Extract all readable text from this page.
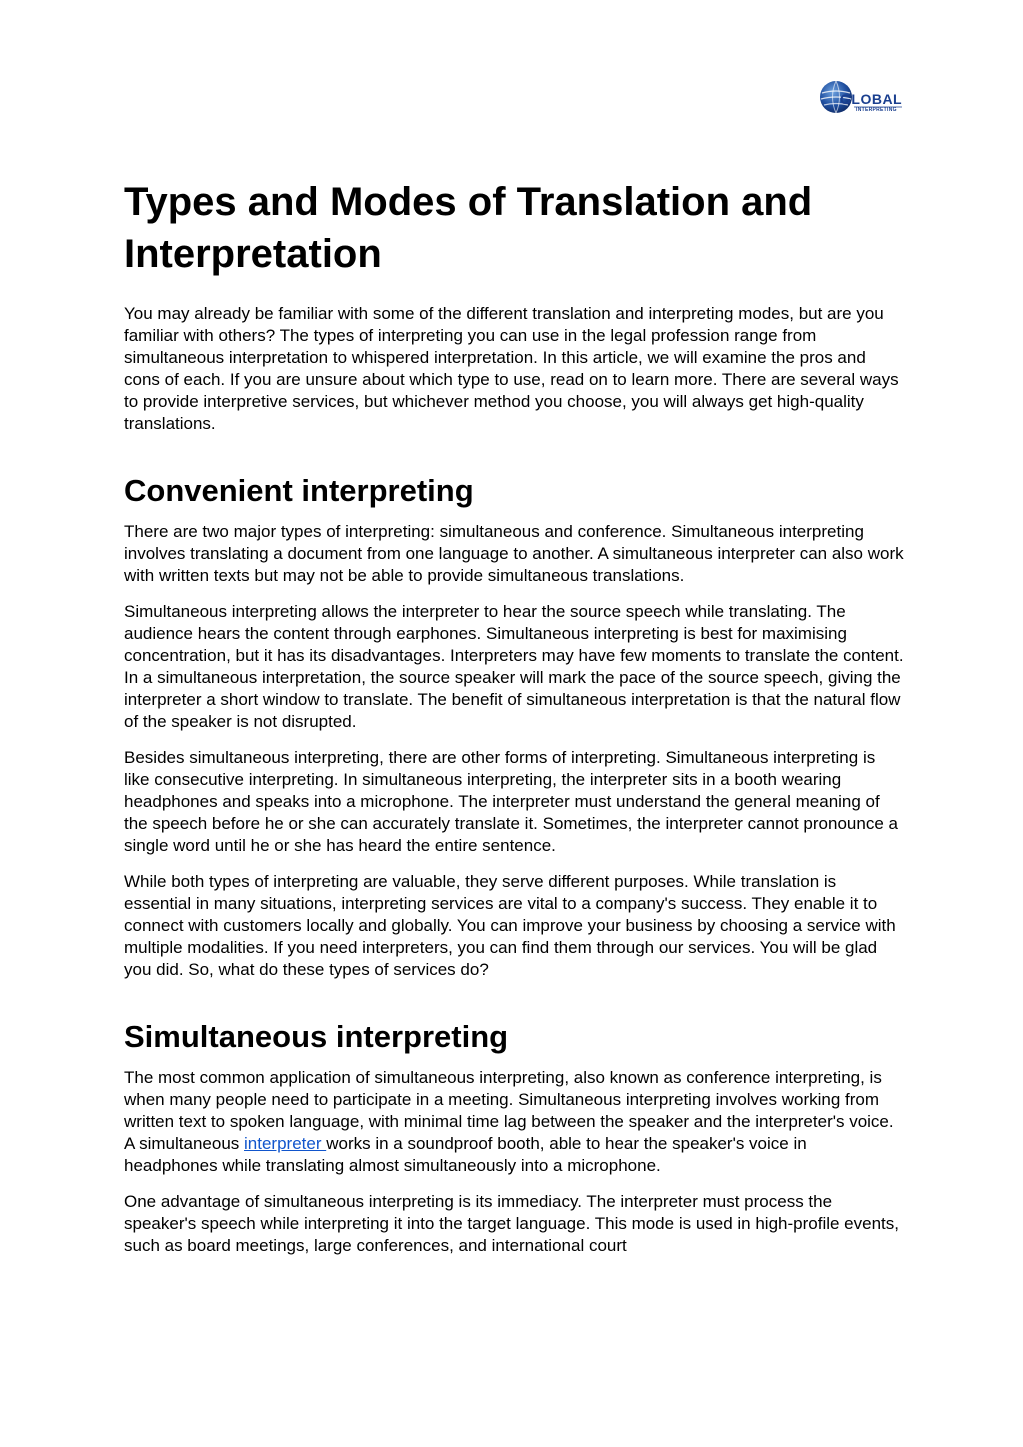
GLOBAL
INTERPRETING
Types and Modes of Translation and Interpretation

You may already be familiar with some of the different translation and interpreting modes, but are you familiar with others? The types of interpreting you can use in the legal profession range from simultaneous interpretation to whispered interpretation. In this article, we will examine the pros and cons of each. If you are unsure about which type to use, read on to learn more. There are several ways to provide interpretive services, but whichever method you choose, you will always get high-quality translations.

Convenient interpreting

There are two major types of interpreting: simultaneous and conference. Simultaneous interpreting involves translating a document from one language to another. A simultaneous interpreter can also work with written texts but may not be able to provide simultaneous translations.

Simultaneous interpreting allows the interpreter to hear the source speech while translating. The audience hears the content through earphones. Simultaneous interpreting is best for maximising concentration, but it has its disadvantages. Interpreters may have few moments to translate the content. In a simultaneous interpretation, the source speaker will mark the pace of the source speech, giving the interpreter a short window to translate. The benefit of simultaneous interpretation is that the natural flow of the speaker is not disrupted.

Besides simultaneous interpreting, there are other forms of interpreting. Simultaneous interpreting is like consecutive interpreting. In simultaneous interpreting, the interpreter sits in a booth wearing headphones and speaks into a microphone. The interpreter must understand the general meaning of the speech before he or she can accurately translate it. Sometimes, the interpreter cannot pronounce a single word until he or she has heard the entire sentence.

While both types of interpreting are valuable, they serve different purposes. While translation is essential in many situations, interpreting services are vital to a company's success. They enable it to connect with customers locally and globally. You can improve your business by choosing a service with multiple modalities. If you need interpreters, you can find them through our services. You will be glad you did. So, what do these types of services do?

Simultaneous interpreting

The most common application of simultaneous interpreting, also known as conference interpreting, is when many people need to participate in a meeting. Simultaneous interpreting involves working from written text to spoken language, with minimal time lag between the speaker and the interpreter's voice. A simultaneous interpreter works in a soundproof booth, able to hear the speaker's voice in headphones while translating almost simultaneously into a microphone.

One advantage of simultaneous interpreting is its immediacy. The interpreter must process the speaker's speech while interpreting it into the target language. This mode is used in high-profile events, such as board meetings, large conferences, and international court
